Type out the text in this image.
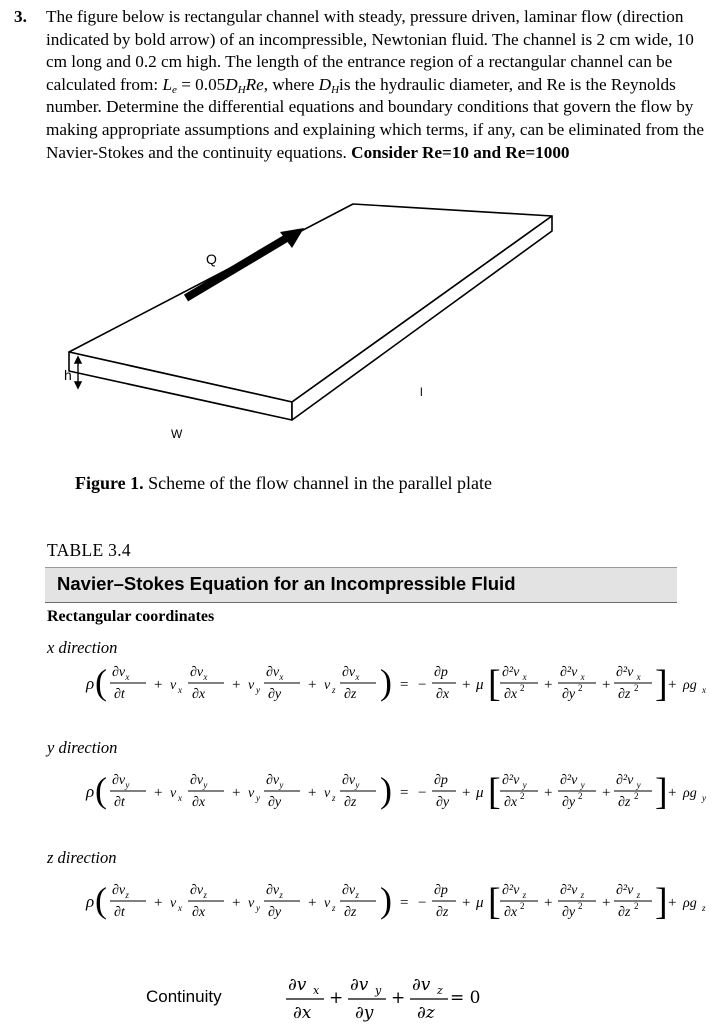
3. The figure below is rectangular channel with steady, pressure driven, laminar flow (direction indicated by bold arrow) of an incompressible, Newtonian fluid. The channel is 2 cm wide, 10 cm long and 0.2 cm high. The length of the entrance region of a rectangular channel can be calculated from: $L_e = 0.05D_HRe$, where $D_His$ the hydraulic diameter, and Re is the Reynolds number. Determine the differential equations and boundary conditions that govern the flow by making appropriate assumptions and explaining which terms, if any, can be eliminated from the Navier-Stokes and the continuity equations. Consider Re=10 and Re=1000
Q
h
W
l
Figure 1. Scheme of the flow channel in the parallel plate
TABLE 3.4
Navier–Stokes Equation for an Incompressible Fluid
Rectangular coordinates
x direction
y direction
z direction
ρ ( ∂v x
∂t
+ v x
∂v x
∂x
+ v y
∂v x
∂y
+ v z
∂v x
∂z ) = −
∂p
∂x
+ μ [ ∂²v x
∂x 2 +
∂²v x
∂y 2 +
∂²v x
∂z 2 ] + ρg x
ρ ( ∂v y
∂t
+ v x
∂v y
∂x
+ v y
∂v y
∂y
+ v z
∂v y
∂z ) = −
∂p
∂y
+ μ [ ∂²v y
∂x 2 +
∂²v y
∂y 2 +
∂²v y
∂z 2 ] + ρg y
ρ ( ∂v z
∂t
+ v x
∂v z
∂x
+ v y
∂v z
∂y
+ v z
∂v z
∂z ) = −
∂p
∂z
+ μ [ ∂²v z
∂x 2 +
∂²v z
∂y 2 +
∂²v z
∂z 2 ] + ρg z
Continuity
∂v x
∂x
+
∂v y
∂y
+
∂v z
∂z
= 0
